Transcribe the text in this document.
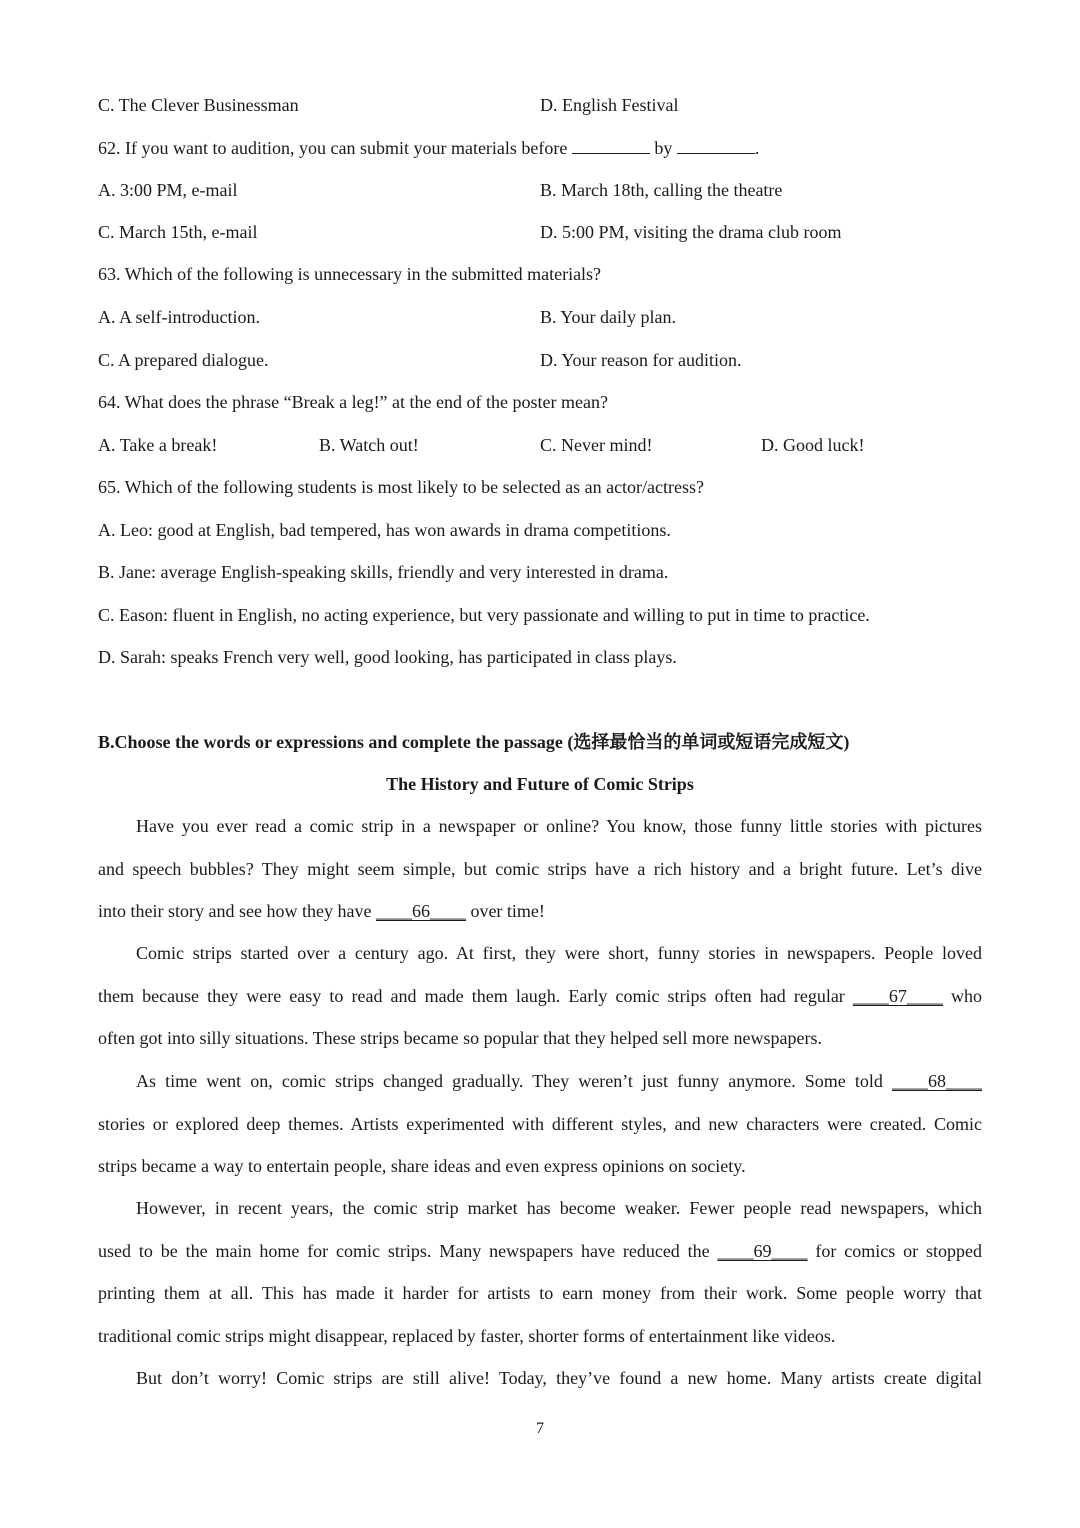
C. The Clever Businessman	D. English Festival
62. If you want to audition, you can submit your materials before	by	.
A. 3:00 PM, e-mail	B. March 18th, calling the theatre
C. March 15th, e-mail	D. 5:00 PM, visiting the drama club room
63. Which of the following is unnecessary in the submitted materials?
A. A self-introduction.	B. Your daily plan.
C. A prepared dialogue.	D. Your reason for audition.
64. What does the phrase “Break a leg!” at the end of the poster mean?
A. Take a break!	B. Watch out!	C. Never mind!	D. Good luck!
65. Which of the following students is most likely to be selected as an actor/actress?
A. Leo: good at English, bad tempered, has won awards in drama competitions.
B. Jane: average English-speaking skills, friendly and very interested in drama.
C. Eason: fluent in English, no acting experience, but very passionate and willing to put in time to practice.
D. Sarah: speaks French very well, good looking, has participated in class plays.
B.Choose the words or expressions and complete the passage (选择最恰当的单词或短语完成短文)
The History and Future of Comic Strips
Have you ever read a comic strip in a newspaper or online? You know, those funny little stories with pictures
and speech bubbles? They might seem simple, but comic strips have a rich history and a bright future. Let’s dive
into their story and see how they have ____66____ over time!
Comic strips started over a century ago. At first, they were short, funny stories in newspapers. People loved
them because they were easy to read and made them laugh. Early comic strips often had regular ____67____ who
often got into silly situations. These strips became so popular that they helped sell more newspapers.
As time went on, comic strips changed gradually. They weren’t just funny anymore. Some told ____68____
stories or explored deep themes. Artists experimented with different styles, and new characters were created. Comic
strips became a way to entertain people, share ideas and even express opinions on society.
However, in recent years, the comic strip market has become weaker. Fewer people read newspapers, which
used to be the main home for comic strips. Many newspapers have reduced the ____69____ for comics or stopped
printing them at all. This has made it harder for artists to earn money from their work. Some people worry that
traditional comic strips might disappear, replaced by faster, shorter forms of entertainment like videos.
But don’t worry! Comic strips are still alive! Today, they’ve found a new home. Many artists create digital
7
